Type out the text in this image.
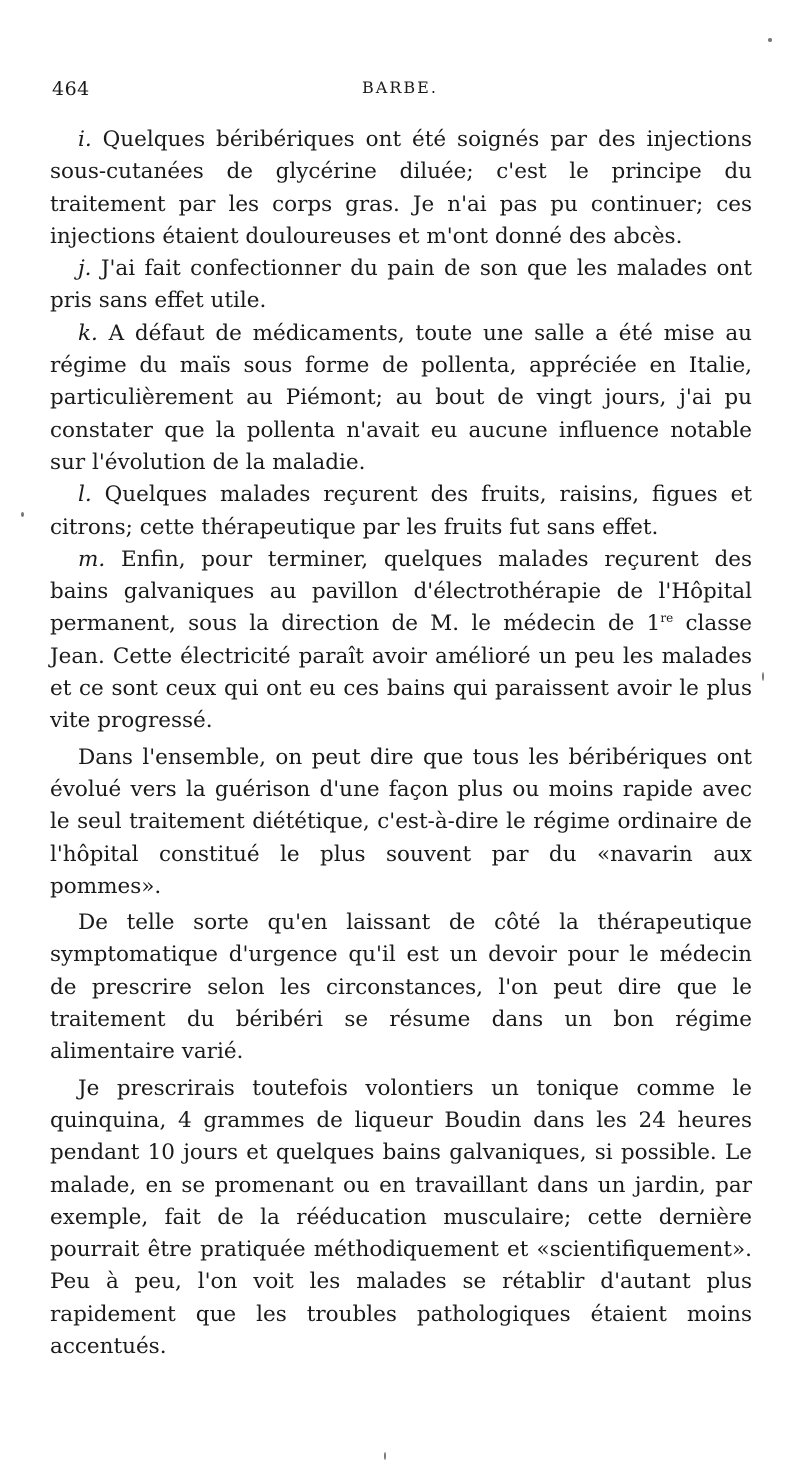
464	BARBE.

i. Quelques béribériques ont été soignés par des injections sous-cutanées de glycérine diluée; c'est le principe du traitement par les corps gras. Je n'ai pas pu continuer; ces injections étaient douloureuses et m'ont donné des abcès.

j. J'ai fait confectionner du pain de son que les malades ont pris sans effet utile.

k. A défaut de médicaments, toute une salle a été mise au régime du maïs sous forme de pollenta, appréciée en Italie, particulièrement au Piémont; au bout de vingt jours, j'ai pu constater que la pollenta n'avait eu aucune influence notable sur l'évolution de la maladie.

l. Quelques malades reçurent des fruits, raisins, figues et citrons; cette thérapeutique par les fruits fut sans effet.

m. Enfin, pour terminer, quelques malades reçurent des bains galvaniques au pavillon d'électrothérapie de l'Hôpital permanent, sous la direction de M. le médecin de 1re classe Jean. Cette électricité paraît avoir amélioré un peu les malades et ce sont ceux qui ont eu ces bains qui paraissent avoir le plus vite progressé.

Dans l'ensemble, on peut dire que tous les béribériques ont évolué vers la guérison d'une façon plus ou moins rapide avec le seul traitement diététique, c'est-à-dire le régime ordinaire de l'hôpital constitué le plus souvent par du «navarin aux pommes».

De telle sorte qu'en laissant de côté la thérapeutique symptomatique d'urgence qu'il est un devoir pour le médecin de prescrire selon les circonstances, l'on peut dire que le traitement du béribéri se résume dans un bon régime alimentaire varié.

Je prescrirais toutefois volontiers un tonique comme le quinquina, 4 grammes de liqueur Boudin dans les 24 heures pendant 10 jours et quelques bains galvaniques, si possible. Le malade, en se promenant ou en travaillant dans un jardin, par exemple, fait de la rééducation musculaire; cette dernière pourrait être pratiquée méthodiquement et «scientifiquement». Peu à peu, l'on voit les malades se rétablir d'autant plus rapidement que les troubles pathologiques étaient moins accentués.
